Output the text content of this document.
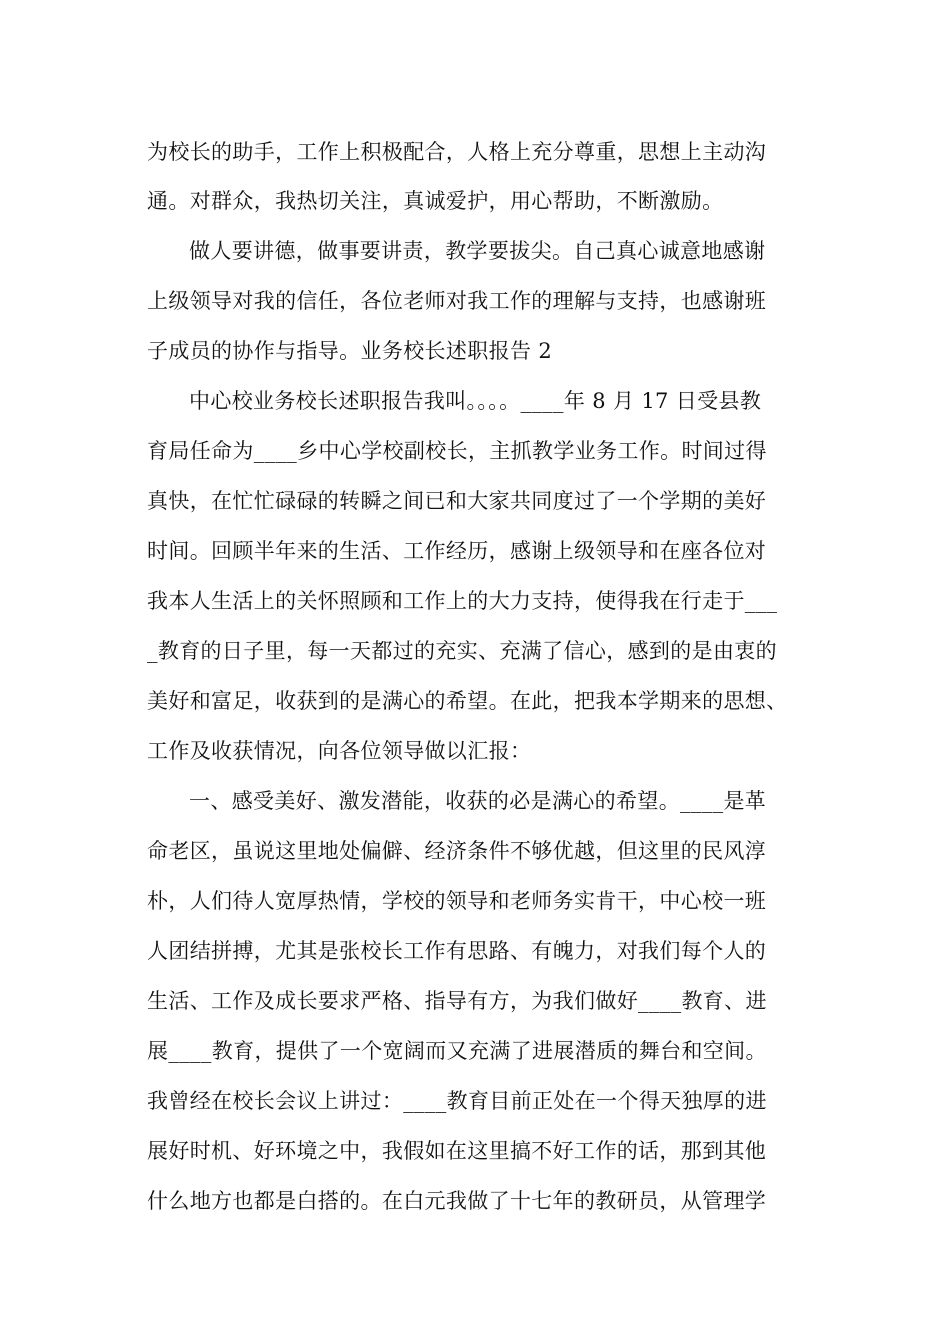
为校长的助手，工作上积极配合，人格上充分尊重，思想上主动沟
通。对群众，我热切关注，真诚爱护，用心帮助，不断激励。
做人要讲德，做事要讲责，教学要拔尖。自己真心诚意地感谢
上级领导对我的信任，各位老师对我工作的理解与支持，也感谢班
子成员的协作与指导。业务校长述职报告 2
中心校业务校长述职报告我叫。。。。____年 8 月 17 日受县教
育局任命为____乡中心学校副校长，主抓教学业务工作。时间过得
真快，在忙忙碌碌的转瞬之间已和大家共同度过了一个学期的美好
时间。回顾半年来的生活、工作经历，感谢上级领导和在座各位对
我本人生活上的关怀照顾和工作上的大力支持，使得我在行走于___
_教育的日子里，每一天都过的充实、充满了信心，感到的是由衷的
美好和富足，收获到的是满心的希望。在此，把我本学期来的思想、
工作及收获情况，向各位领导做以汇报：
一、感受美好、激发潜能，收获的必是满心的希望。____是革
命老区，虽说这里地处偏僻、经济条件不够优越，但这里的民风淳
朴，人们待人宽厚热情，学校的领导和老师务实肯干，中心校一班
人团结拼搏，尤其是张校长工作有思路、有魄力，对我们每个人的
生活、工作及成长要求严格、指导有方，为我们做好____教育、进
展____教育，提供了一个宽阔而又充满了进展潜质的舞台和空间。
我曾经在校长会议上讲过：____教育目前正处在一个得天独厚的进
展好时机、好环境之中，我假如在这里搞不好工作的话，那到其他
什么地方也都是白搭的。在白元我做了十七年的教研员，从管理学
